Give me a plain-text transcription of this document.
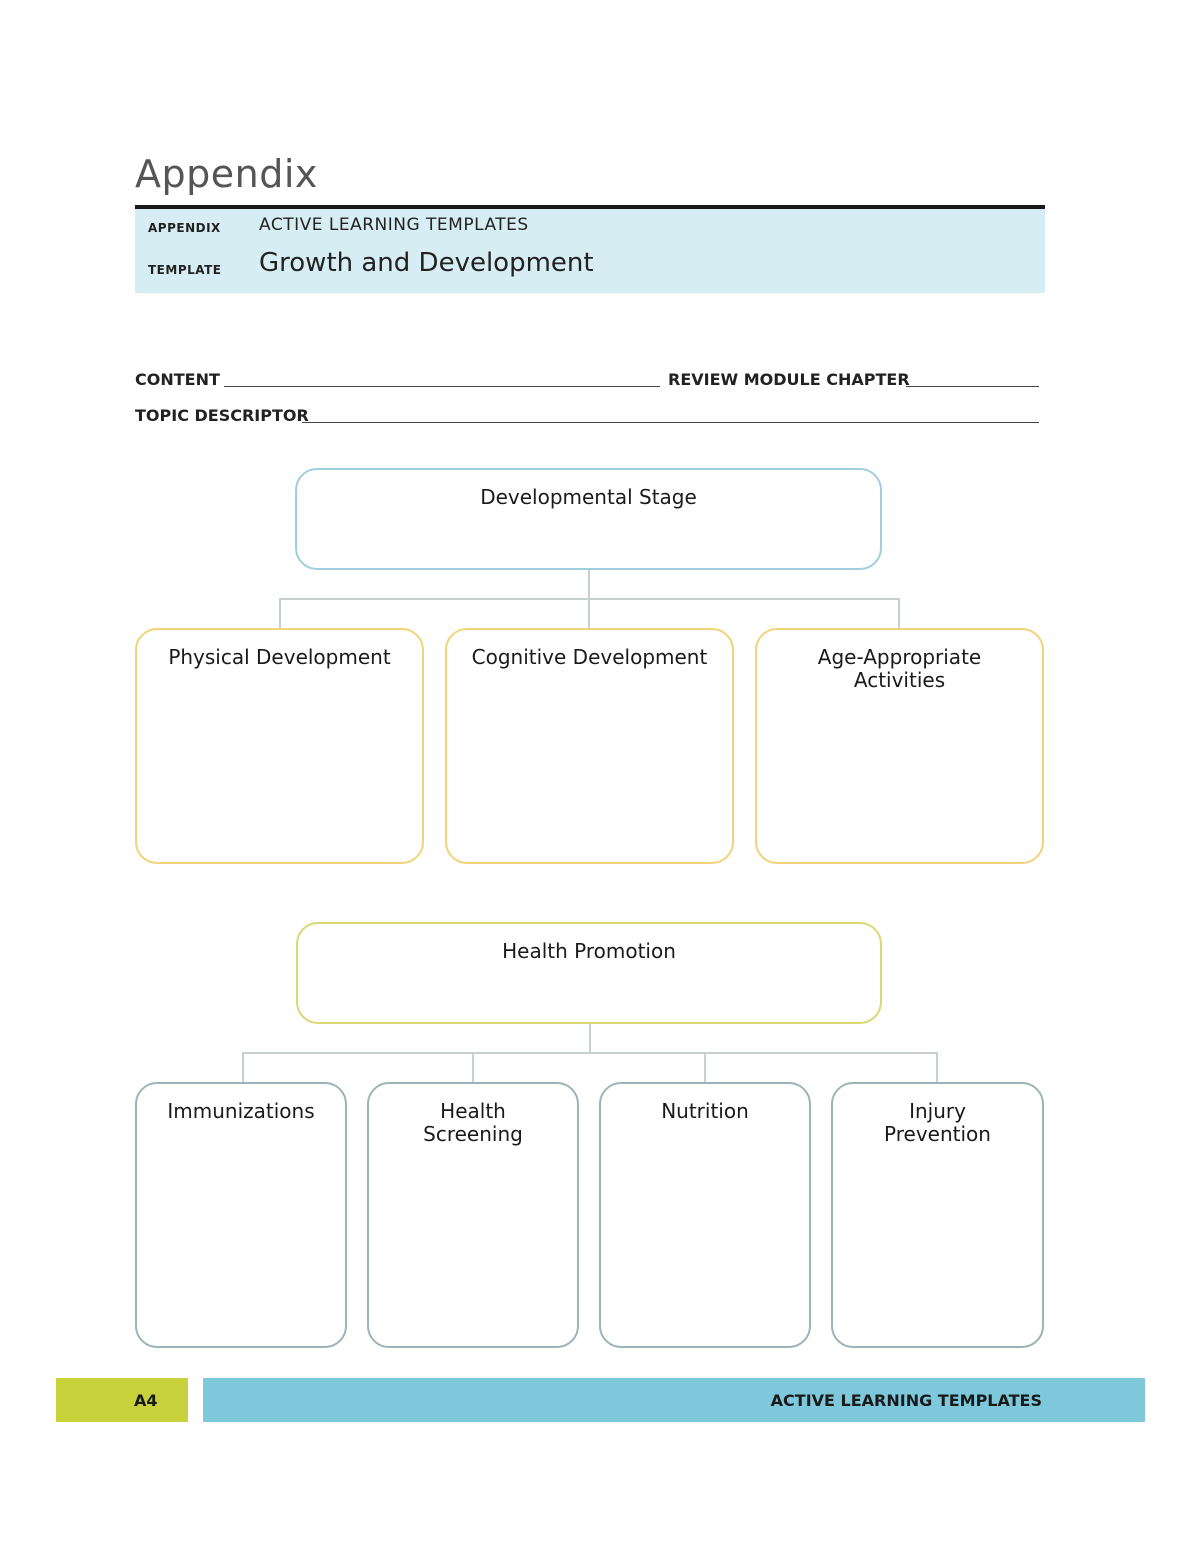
Appendix
APPENDIX
TEMPLATE
ACTIVE LEARNING TEMPLATES
Growth and Development
CONTENT	REVIEW MODULE CHAPTER
TOPIC DESCRIPTOR
Developmental Stage
Physical Development	Cognitive Development	Age-Appropriate
Activities
Health Promotion
Immunizations	Health
Screening
Nutrition	Injury
Prevention
A4	ACTIVE LEARNING TEMPLATES
